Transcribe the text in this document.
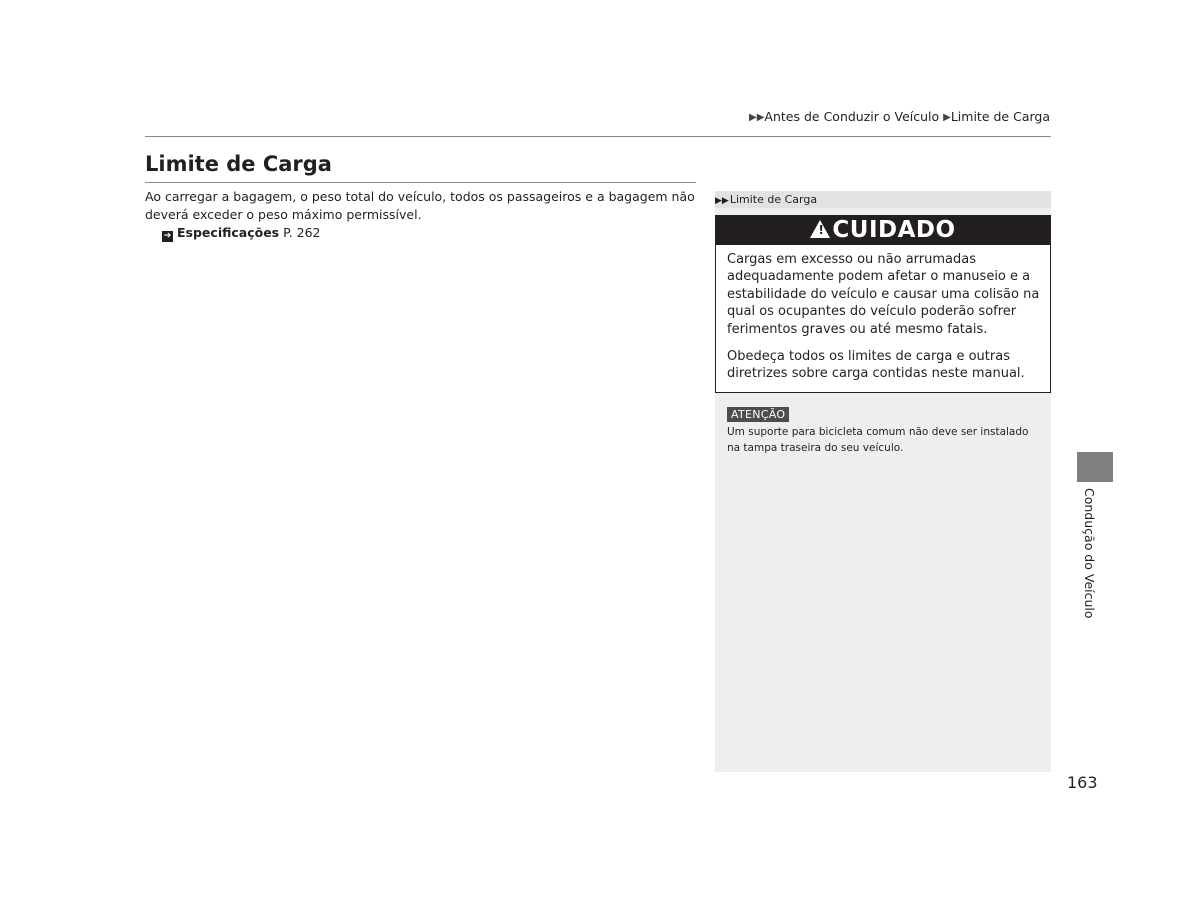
▶▶Antes de Conduzir o Veículo ▶Limite de Carga
Limite de Carga

Ao carregar a bagagem, o peso total do veículo, todos os passageiros e a bagagem não deverá exceder o peso máximo permissível.

➔ Especificações P. 262
▶▶Limite de Carga
! CUIDADO

Cargas em excesso ou não arrumadas adequadamente podem afetar o manuseio e a estabilidade do veículo e causar uma colisão na qual os ocupantes do veículo poderão sofrer ferimentos graves ou até mesmo fatais.

Obedeça todos os limites de carga e outras diretrizes sobre carga contidas neste manual.

ATENÇÃO

Um suporte para bicicleta comum não deve ser instalado na tampa traseira do seu veículo.

Condução do Veículo
163
